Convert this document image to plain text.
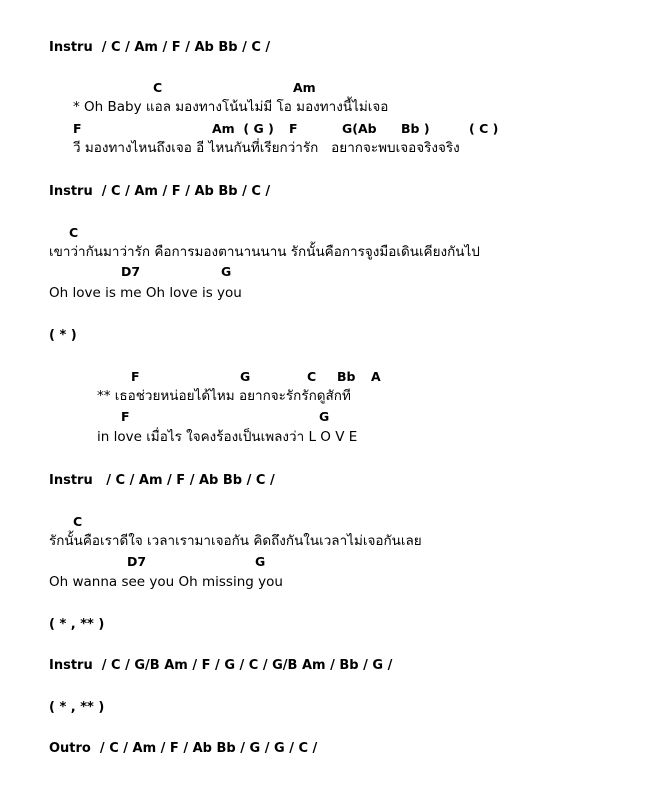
Instru  / C / Am / F / Ab Bb / C /
C	Am
* Oh Baby แอล มองทางโน้นไม่มี โอ มองทางนี้ไม่เจอ
F	Am  ( G ) F	G(Ab Bb )	( C )
วี มองทางไหนถึงเจอ อี ไหนกันที่เรียกว่ารัก   อยากจะพบเจอจริงจริง
Instru  / C / Am / F / Ab Bb / C /
C
เขาว่ากันมาว่ารัก คือการมองตานานนาน รักนั้นคือการจูงมือเดินเคียงกันไป
D7	G
Oh love is me Oh love is you
( * )
F	G	C Bb A
** เธอช่วยหน่อยได้ไหม อยากจะรักรักดูสักที
F	G
in love เมื่อไร ใจคงร้องเป็นเพลงว่า L O V E
Instru   / C / Am / F / Ab Bb / C /
C
รักนั้นคือเราดีใจ เวลาเรามาเจอกัน คิดถึงกันในเวลาไม่เจอกันเลย
D7	G
Oh wanna see you Oh missing you
( * , ** )
Instru  / C / G/B Am / F / G / C / G/B Am / Bb / G /
( * , ** )
Outro  / C / Am / F / Ab Bb / G / G / C /
